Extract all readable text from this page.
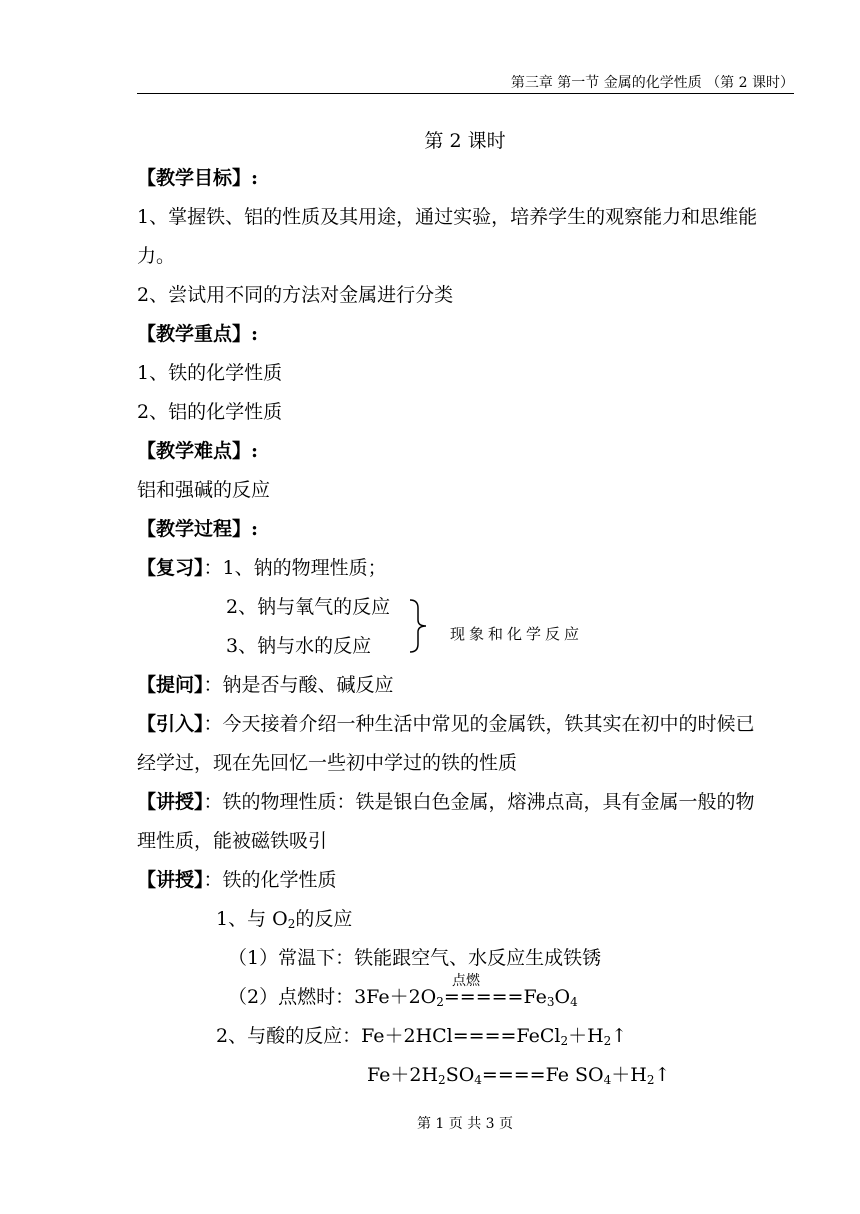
第三章 第一节 金属的化学性质 （第 2 课时）
第 2 课时
【教学目标】:
1、掌握铁、铝的性质及其用途，通过实验，培养学生的观察能力和思维能
力。
2、尝试用不同的方法对金属进行分类
【教学重点】:
1、铁的化学性质
2、铝的化学性质
【教学难点】:
铝和强碱的反应
【教学过程】:
【复习】：1、钠的物理性质；
2、钠与氧气的反应
3、钠与水的反应
现象和化学反应
【提问】：钠是否与酸、碱反应
【引入】：今天接着介绍一种生活中常见的金属铁，铁其实在初中的时候已
经学过，现在先回忆一些初中学过的铁的性质
【讲授】：铁的物理性质：铁是银白色金属，熔沸点高，具有金属一般的物
理性质，能被磁铁吸引
【讲授】：铁的化学性质
1、与 $O_2$的反应
（1）常温下：铁能跟空气、水反应生成铁锈
点燃
（2）点燃时：$3Fe+2O_2=====Fe_3O_4$
2、与酸的反应：$Fe+2HCl====FeCl_2+H_2↑$
$Fe+2H_2SO_4====Fe$ $SO_4+H_2↑$
第 1 页 共 3 页
